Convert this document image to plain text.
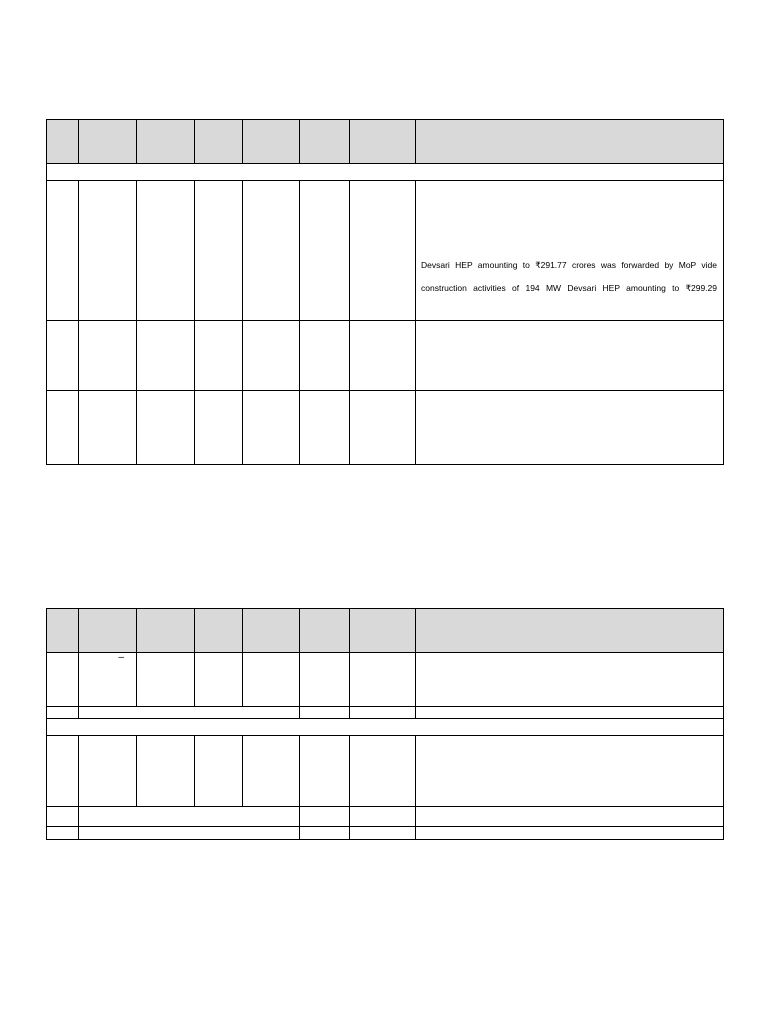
							Devsari HEP amounting to ₹291.77 crores was forwarded by MoP vide
construction activities of 194 MW Devsari HEP amounting to ₹299.29

	–						
